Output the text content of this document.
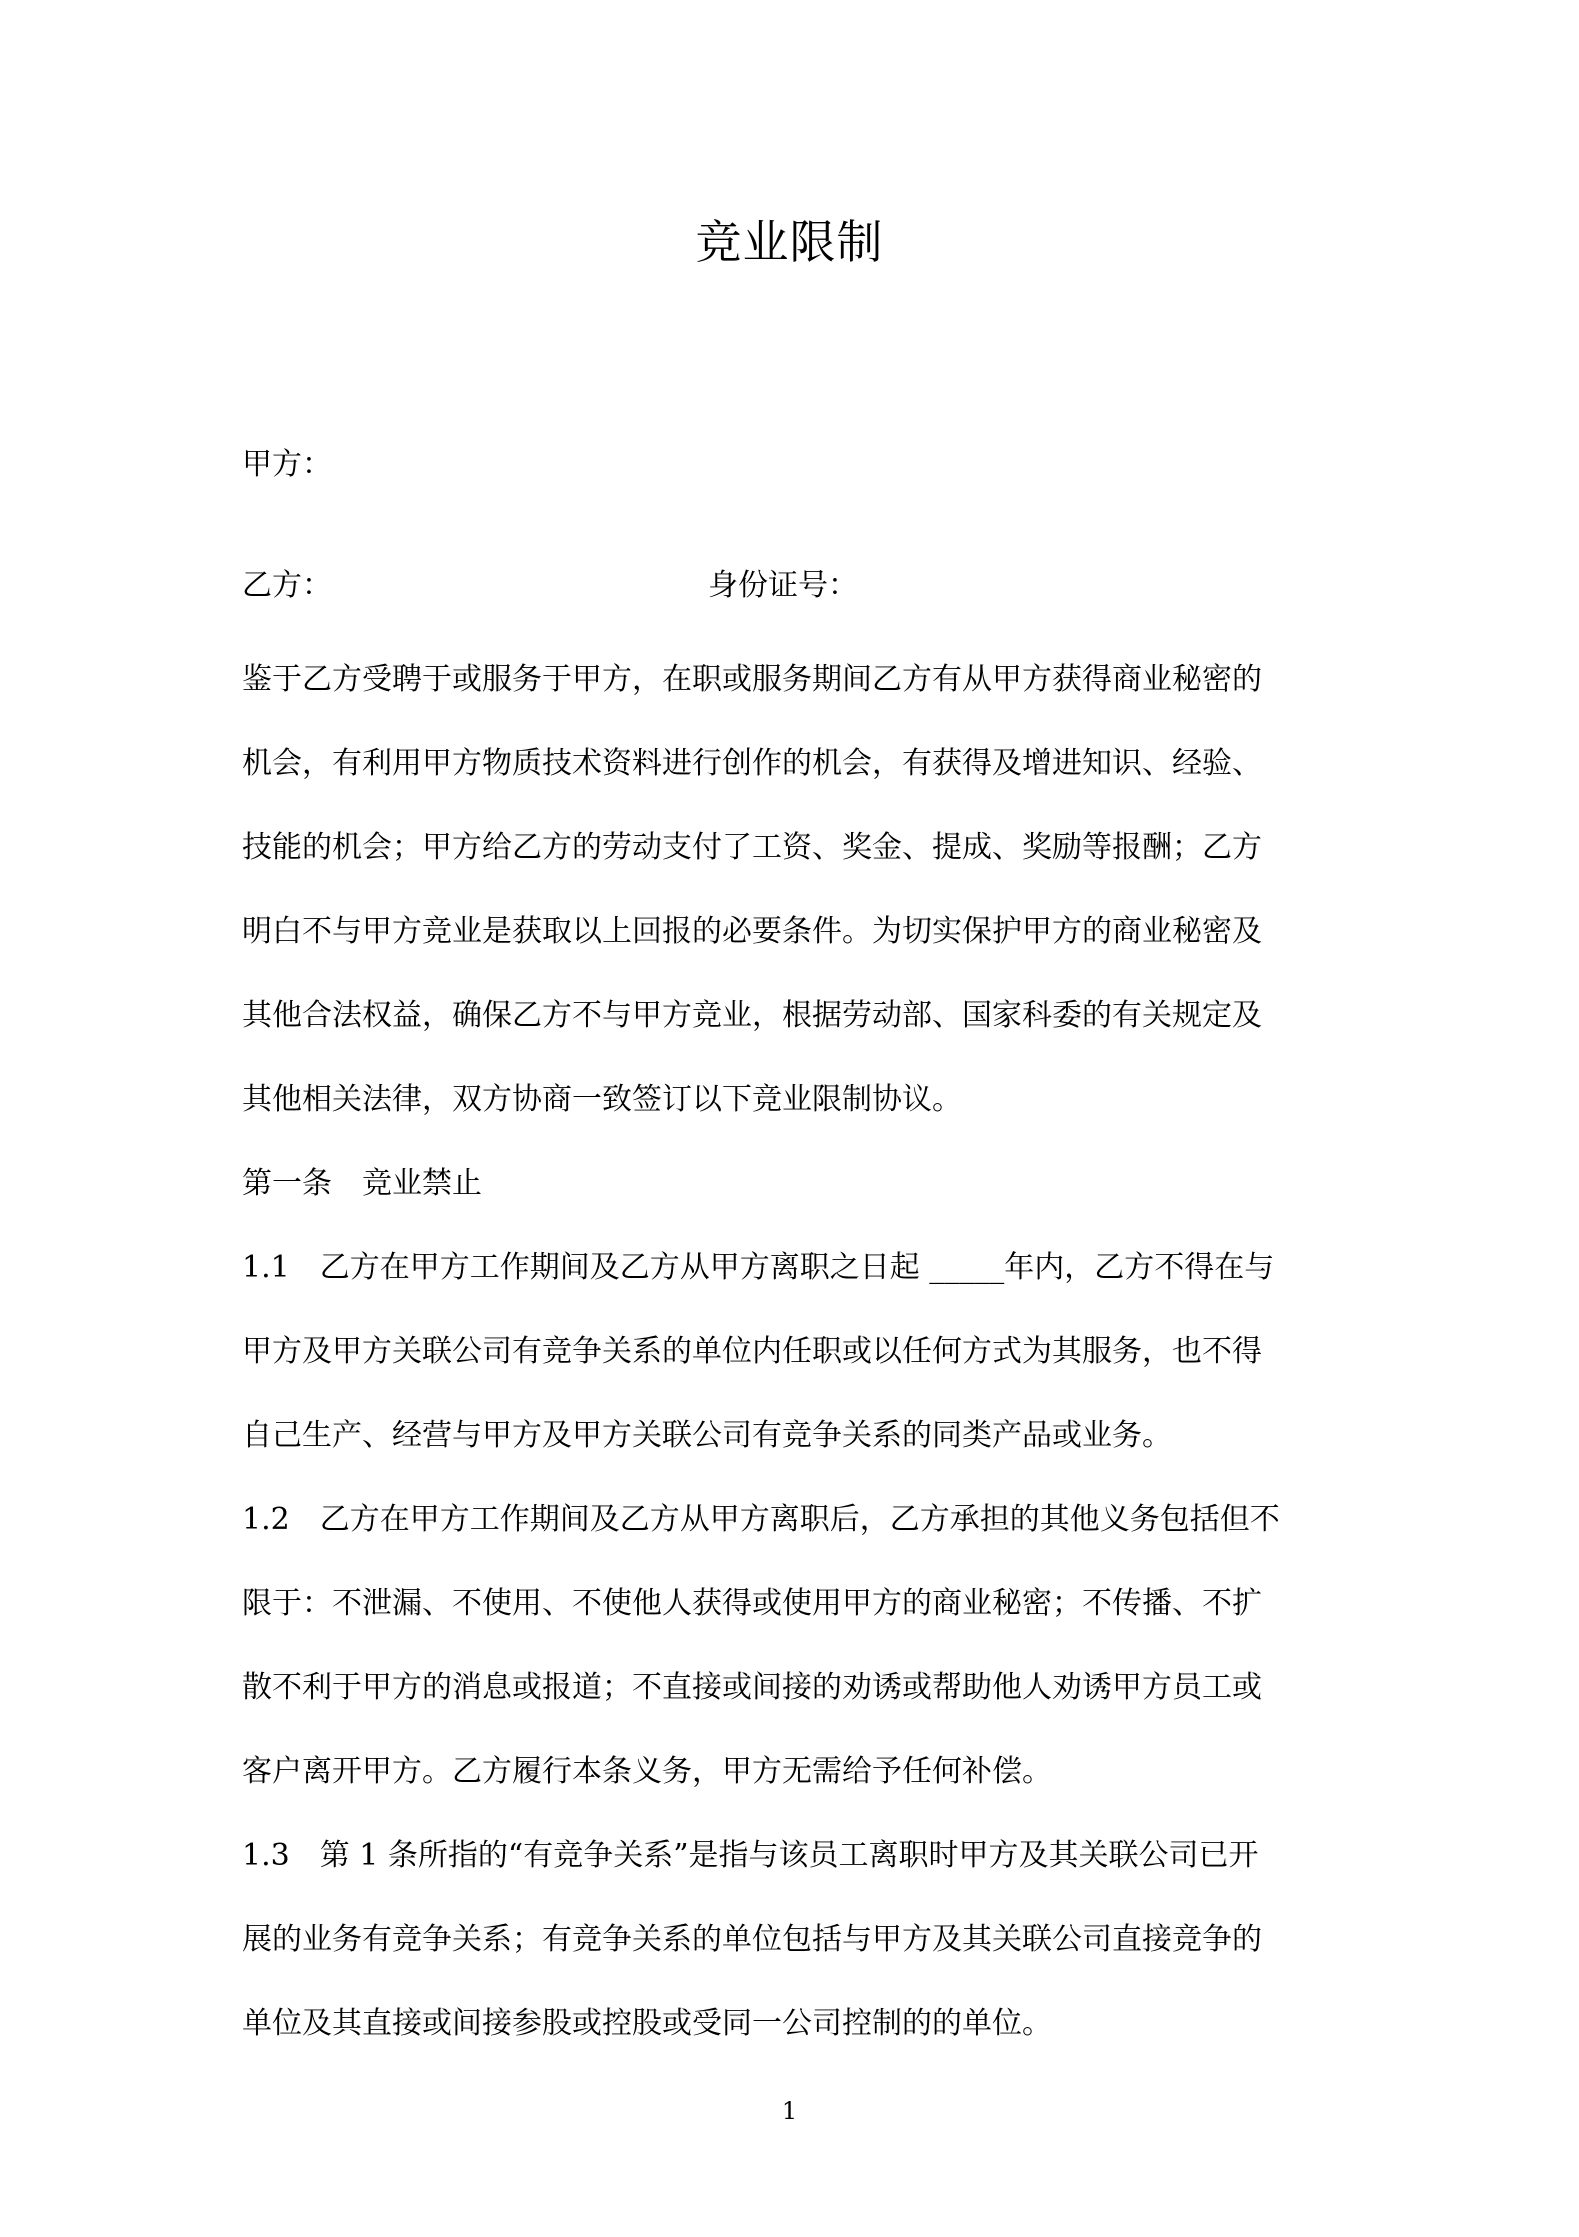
竞业限制

甲方：

乙方：	身份证号：

鉴于乙方受聘于或服务于甲方，在职或服务期间乙方有从甲方获得商业秘密的

机会，有利用甲方物质技术资料进行创作的机会，有获得及增进知识、经验、

技能的机会；甲方给乙方的劳动支付了工资、奖金、提成、奖励等报酬；乙方

明白不与甲方竞业是获取以上回报的必要条件。为切实保护甲方的商业秘密及

其他合法权益，确保乙方不与甲方竞业，根据劳动部、国家科委的有关规定及

其他相关法律，双方协商一致签订以下竞业限制协议。

第一条　竞业禁止

1.1　乙方在甲方工作期间及乙方从甲方离职之日起 _____年内，乙方不得在与

甲方及甲方关联公司有竞争关系的单位内任职或以任何方式为其服务，也不得

自己生产、经营与甲方及甲方关联公司有竞争关系的同类产品或业务。

1.2　乙方在甲方工作期间及乙方从甲方离职后，乙方承担的其他义务包括但不

限于：不泄漏、不使用、不使他人获得或使用甲方的商业秘密；不传播、不扩

散不利于甲方的消息或报道；不直接或间接的劝诱或帮助他人劝诱甲方员工或

客户离开甲方。乙方履行本条义务，甲方无需给予任何补偿。

1.3　第 1 条所指的“有竞争关系”是指与该员工离职时甲方及其关联公司已开

展的业务有竞争关系；有竞争关系的单位包括与甲方及其关联公司直接竞争的

单位及其直接或间接参股或控股或受同一公司控制的的单位。

1
